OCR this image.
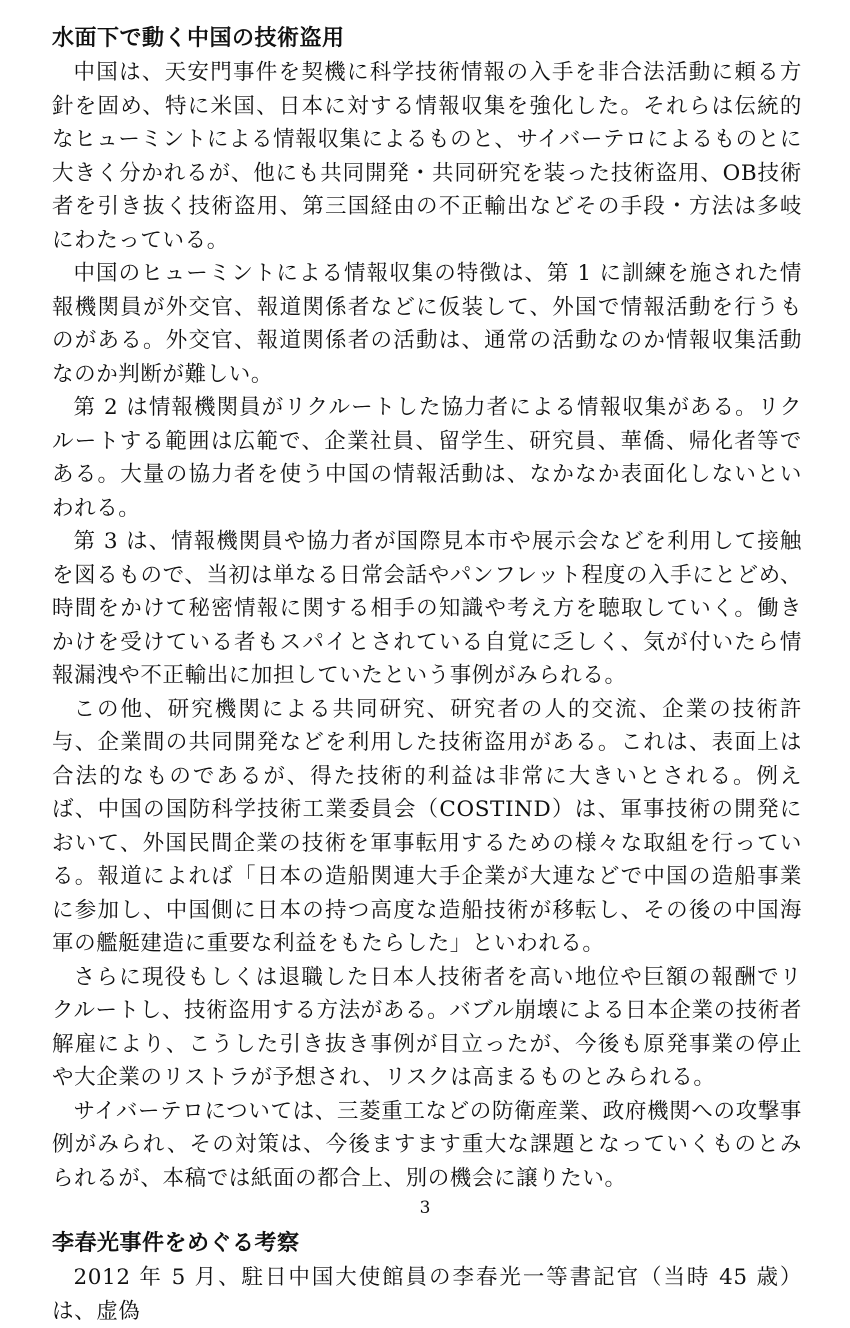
水面下で動く中国の技術盗用

中国は、天安門事件を契機に科学技術情報の入手を非合法活動に頼る方針を固め、特に米国、日本に対する情報収集を強化した。それらは伝統的なヒューミントによる情報収集によるものと、サイバーテロによるものとに大きく分かれるが、他にも共同開発・共同研究を装った技術盗用、OB技術者を引き抜く技術盗用、第三国経由の不正輸出などその手段・方法は多岐にわたっている。

中国のヒューミントによる情報収集の特徴は、第 1 に訓練を施された情報機関員が外交官、報道関係者などに仮装して、外国で情報活動を行うものがある。外交官、報道関係者の活動は、通常の活動なのか情報収集活動なのか判断が難しい。

第 2 は情報機関員がリクルートした協力者による情報収集がある。リクルートする範囲は広範で、企業社員、留学生、研究員、華僑、帰化者等である。大量の協力者を使う中国の情報活動は、なかなか表面化しないといわれる。

第 3 は、情報機関員や協力者が国際見本市や展示会などを利用して接触を図るもので、当初は単なる日常会話やパンフレット程度の入手にとどめ、時間をかけて秘密情報に関する相手の知識や考え方を聴取していく。働きかけを受けている者もスパイとされている自覚に乏しく、気が付いたら情報漏洩や不正輸出に加担していたという事例がみられる。

この他、研究機関による共同研究、研究者の人的交流、企業の技術許与、企業間の共同開発などを利用した技術盗用がある。これは、表面上は合法的なものであるが、得た技術的利益は非常に大きいとされる。例えば、中国の国防科学技術工業委員会（COSTIND）は、軍事技術の開発において、外国民間企業の技術を軍事転用するための様々な取組を行っている。報道によれば「日本の造船関連大手企業が大連などで中国の造船事業に参加し、中国側に日本の持つ高度な造船技術が移転し、その後の中国海軍の艦艇建造に重要な利益をもたらした」といわれる。

さらに現役もしくは退職した日本人技術者を高い地位や巨額の報酬でリクルートし、技術盗用する方法がある。バブル崩壊による日本企業の技術者解雇により、こうした引き抜き事例が目立ったが、今後も原発事業の停止や大企業のリストラが予想され、リスクは高まるものとみられる。

サイバーテロについては、三菱重工などの防衛産業、政府機関への攻撃事例がみられ、その対策は、今後ますます重大な課題となっていくものとみられるが、本稿では紙面の都合上、別の機会に譲りたい。

李春光事件をめぐる考察

2012 年 5 月、駐日中国大使館員の李春光一等書記官（当時 45 歳）は、虚偽

3
